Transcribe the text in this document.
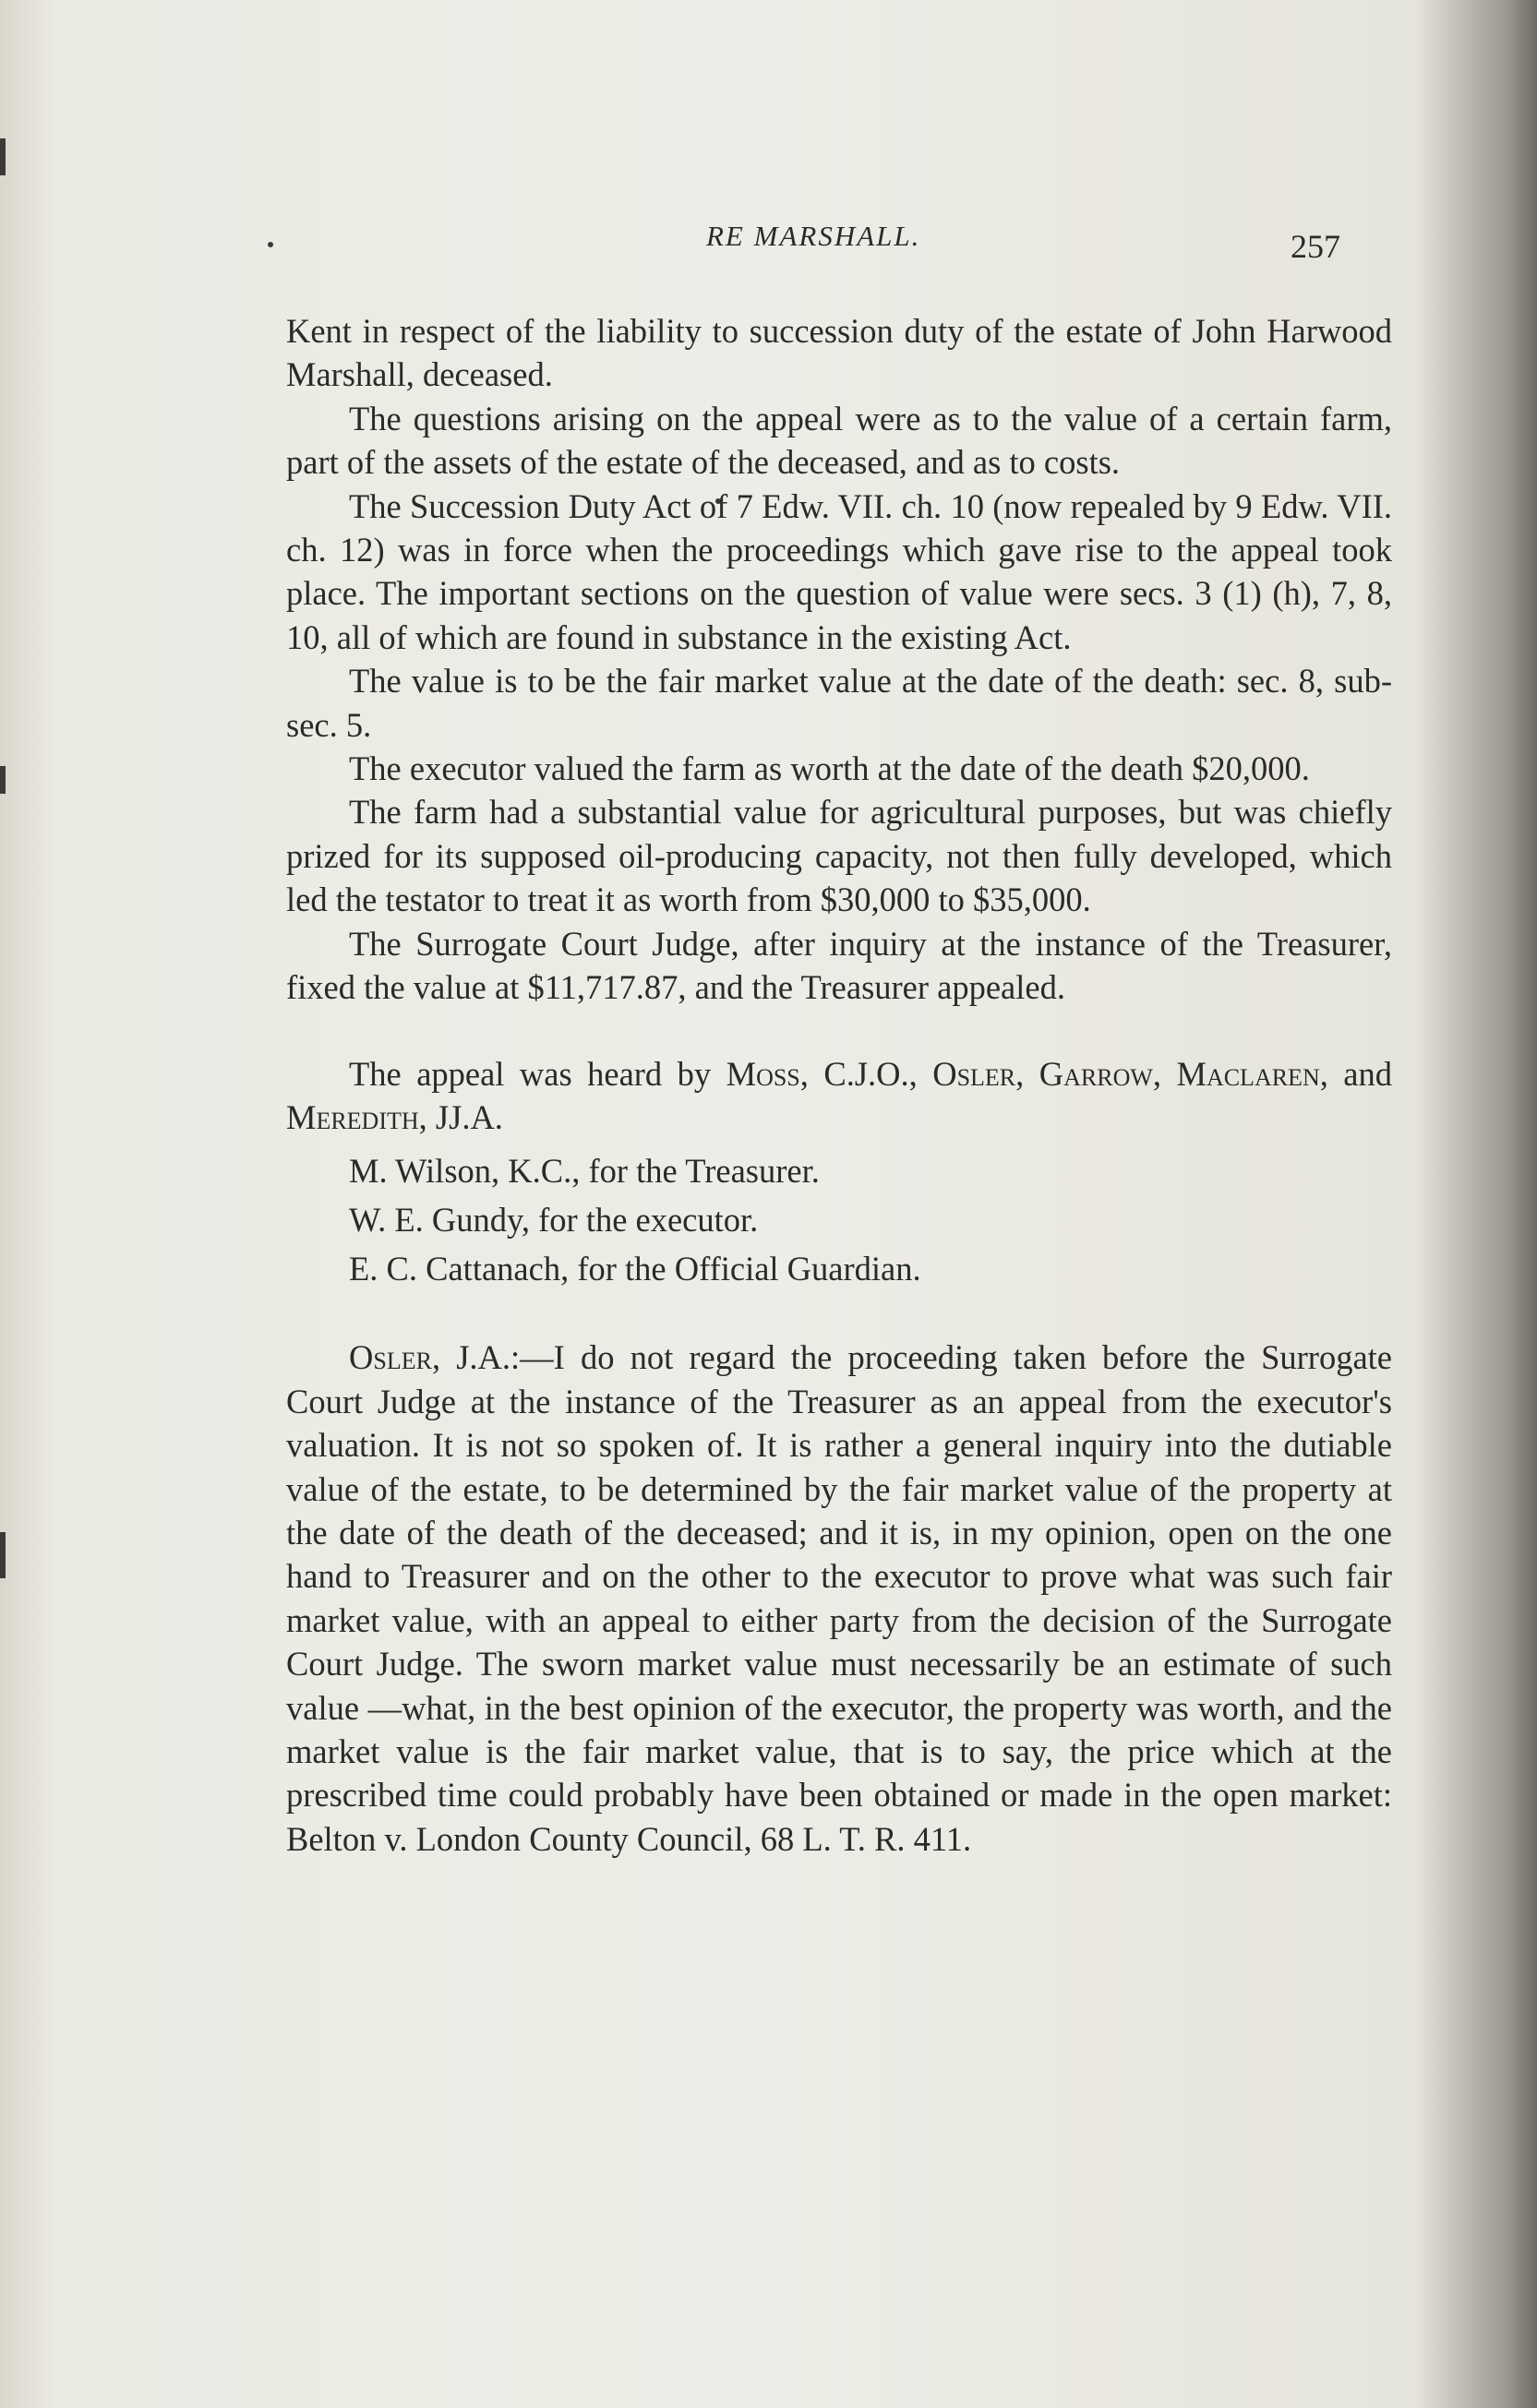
RE MARSHALL.	257

Kent in respect of the liability to succession duty of the estate of John Harwood Marshall, deceased.

The questions arising on the appeal were as to the value of a certain farm, part of the assets of the estate of the deceased, and as to costs.

The Succession Duty Act of 7 Edw. VII. ch. 10 (now repealed by 9 Edw. VII. ch. 12) was in force when the proceedings which gave rise to the appeal took place. The important sections on the question of value were secs. 3 (1) (h), 7, 8, 10, all of which are found in substance in the existing Act.

The value is to be the fair market value at the date of the death: sec. 8, sub-sec. 5.

The executor valued the farm as worth at the date of the death $20,000.

The farm had a substantial value for agricultural purposes, but was chiefly prized for its supposed oil-producing capacity, not then fully developed, which led the testator to treat it as worth from $30,000 to $35,000.

The Surrogate Court Judge, after inquiry at the instance of the Treasurer, fixed the value at $11,717.87, and the Treasurer appealed.

The appeal was heard by Moss, C.J.O., Osler, Garrow, Maclaren, and Meredith, JJ.A.

M. Wilson, K.C., for the Treasurer.

W. E. Gundy, for the executor.

E. C. Cattanach, for the Official Guardian.

Osler, J.A.:—I do not regard the proceeding taken before the Surrogate Court Judge at the instance of the Treasurer as an appeal from the executor's valuation. It is not so spoken of. It is rather a general inquiry into the dutiable value of the estate, to be determined by the fair market value of the property at the date of the death of the deceased; and it is, in my opinion, open on the one hand to Treasurer and on the other to the executor to prove what was such fair market value, with an appeal to either party from the decision of the Surrogate Court Judge. The sworn market value must necessarily be an estimate of such value —what, in the best opinion of the executor, the property was worth, and the market value is the fair market value, that is to say, the price which at the prescribed time could probably have been obtained or made in the open market: Belton v. London County Council, 68 L. T. R. 411.
